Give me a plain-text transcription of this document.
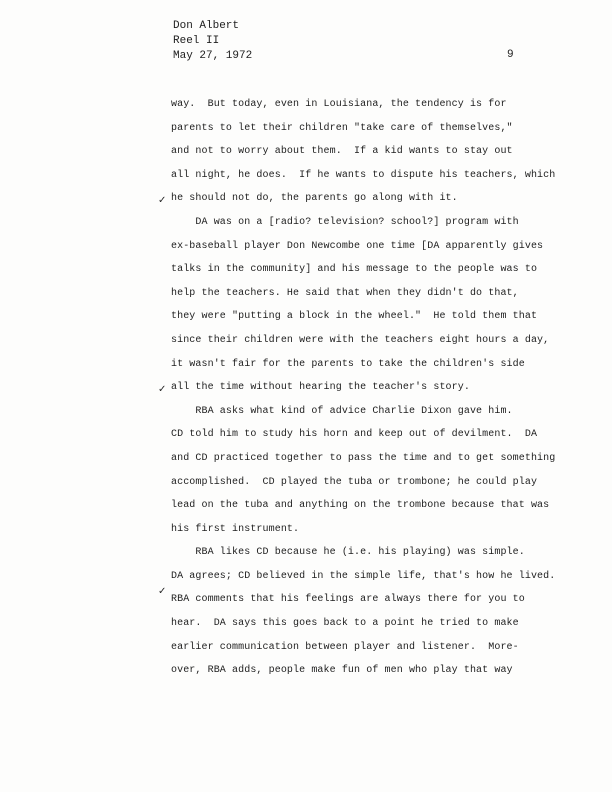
Don Albert
Reel II
May 27, 1972	9
✓
✓
✓
way.  But today, even in Louisiana, the tendency is for
parents to let their children "take care of themselves,"
and not to worry about them.  If a kid wants to stay out
all night, he does.  If he wants to dispute his teachers, which
he should not do, the parents go along with it.
DA was on a [radio? television? school?] program with
ex-baseball player Don Newcombe one time [DA apparently gives
talks in the community] and his message to the people was to
help the teachers. He said that when they didn't do that,
they were "putting a block in the wheel."  He told them that
since their children were with the teachers eight hours a day,
it wasn't fair for the parents to take the children's side
all the time without hearing the teacher's story.
RBA asks what kind of advice Charlie Dixon gave him.
CD told him to study his horn and keep out of devilment.  DA
and CD practiced together to pass the time and to get something
accomplished.  CD played the tuba or trombone; he could play
lead on the tuba and anything on the trombone because that was
his first instrument.
RBA likes CD because he (i.e. his playing) was simple.
DA agrees; CD believed in the simple life, that's how he lived.
RBA comments that his feelings are always there for you to
hear.  DA says this goes back to a point he tried to make
earlier communication between player and listener.  More-
over, RBA adds, people make fun of men who play that way
